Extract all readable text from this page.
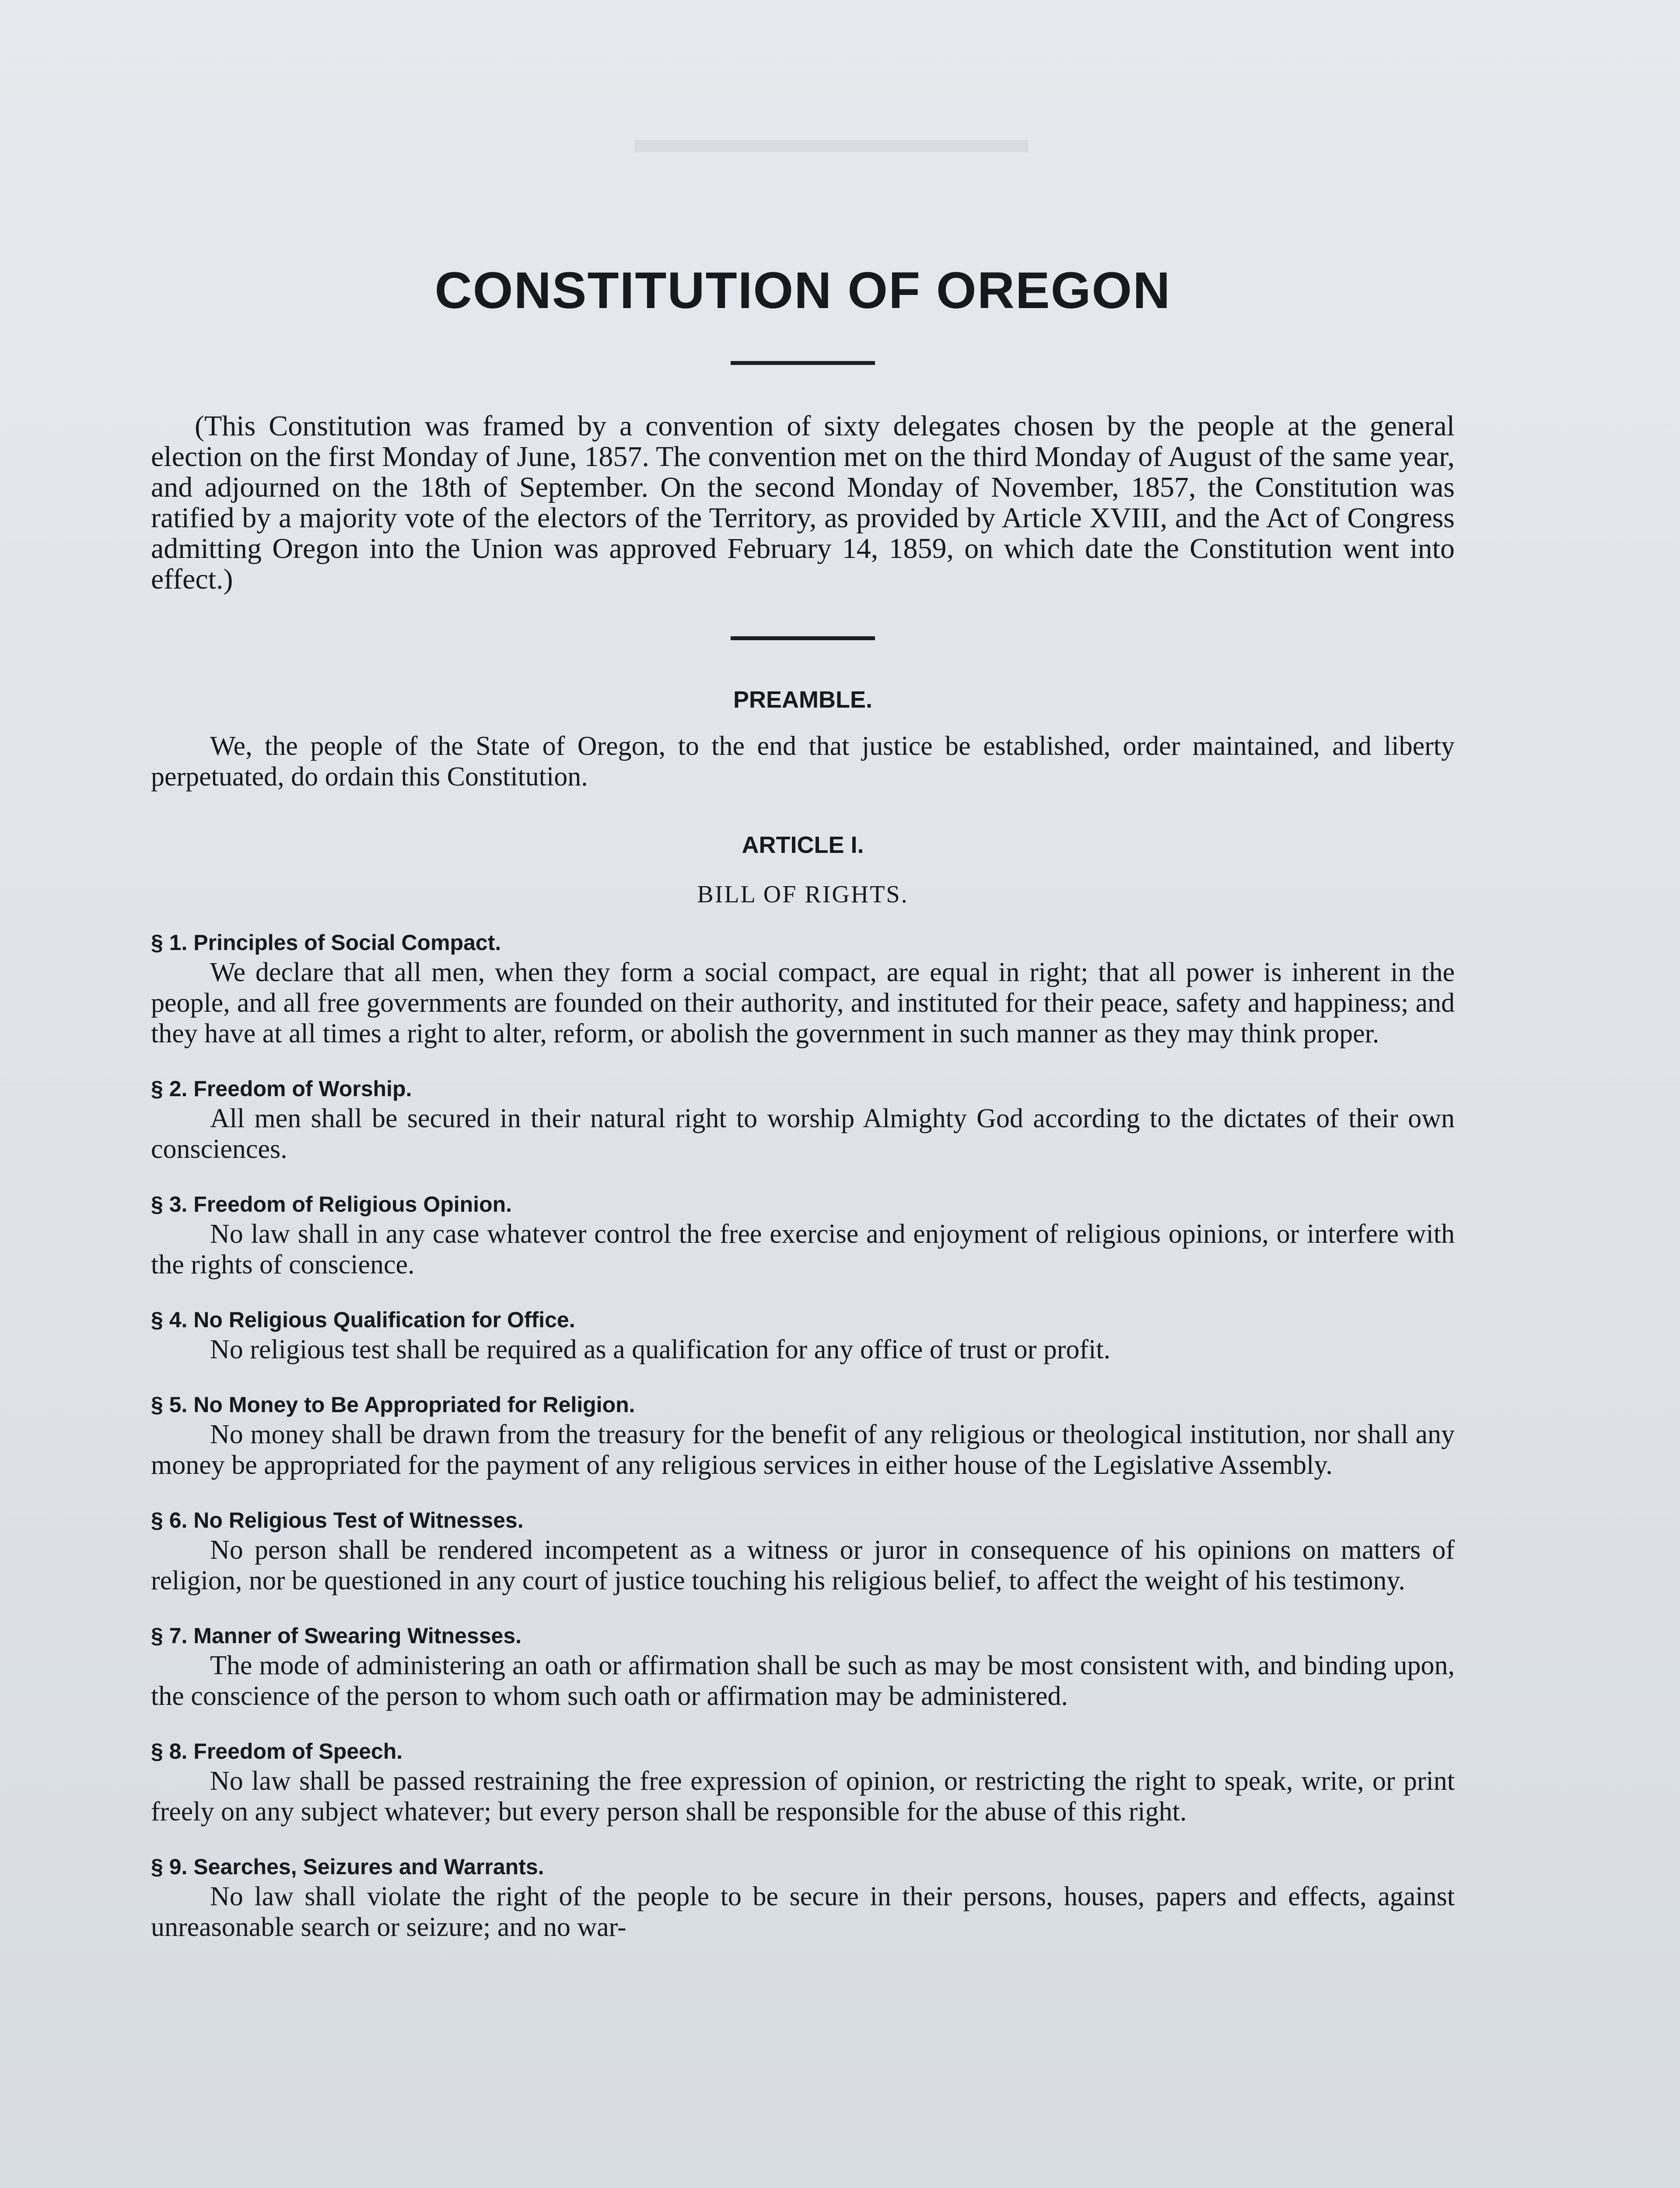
CONSTITUTION OF OREGON

(This Constitution was framed by a convention of sixty delegates chosen by the people at the general election on the first Monday of June, 1857. The convention met on the third Monday of August of the same year, and adjourned on the 18th of September. On the second Monday of November, 1857, the Constitution was ratified by a majority vote of the electors of the Territory, as provided by Article XVIII, and the Act of Congress admitting Oregon into the Union was approved February 14, 1859, on which date the Constitution went into effect.)

PREAMBLE.

We, the people of the State of Oregon, to the end that justice be established, order maintained, and liberty perpetuated, do ordain this Constitution.

ARTICLE I.
BILL OF RIGHTS.

§ 1. Principles of Social Compact.

We declare that all men, when they form a social compact, are equal in right; that all power is inherent in the people, and all free governments are founded on their authority, and instituted for their peace, safety and happiness; and they have at all times a right to alter, reform, or abolish the government in such manner as they may think proper.

§ 2. Freedom of Worship.

All men shall be secured in their natural right to worship Almighty God according to the dictates of their own consciences.

§ 3. Freedom of Religious Opinion.

No law shall in any case whatever control the free exercise and enjoyment of religious opinions, or interfere with the rights of conscience.

§ 4. No Religious Qualification for Office.

No religious test shall be required as a qualification for any office of trust or profit.

§ 5. No Money to Be Appropriated for Religion.

No money shall be drawn from the treasury for the benefit of any religious or theological institution, nor shall any money be appropriated for the payment of any religious services in either house of the Legislative Assembly.

§ 6. No Religious Test of Witnesses.

No person shall be rendered incompetent as a witness or juror in consequence of his opinions on matters of religion, nor be questioned in any court of justice touching his religious belief, to affect the weight of his testimony.

§ 7. Manner of Swearing Witnesses.

The mode of administering an oath or affirmation shall be such as may be most consistent with, and binding upon, the conscience of the person to whom such oath or affirmation may be administered.

§ 8. Freedom of Speech.

No law shall be passed restraining the free expression of opinion, or restricting the right to speak, write, or print freely on any subject whatever; but every person shall be responsible for the abuse of this right.

§ 9. Searches, Seizures and Warrants.

No law shall violate the right of the people to be secure in their persons, houses, papers and effects, against unreasonable search or seizure; and no war-
